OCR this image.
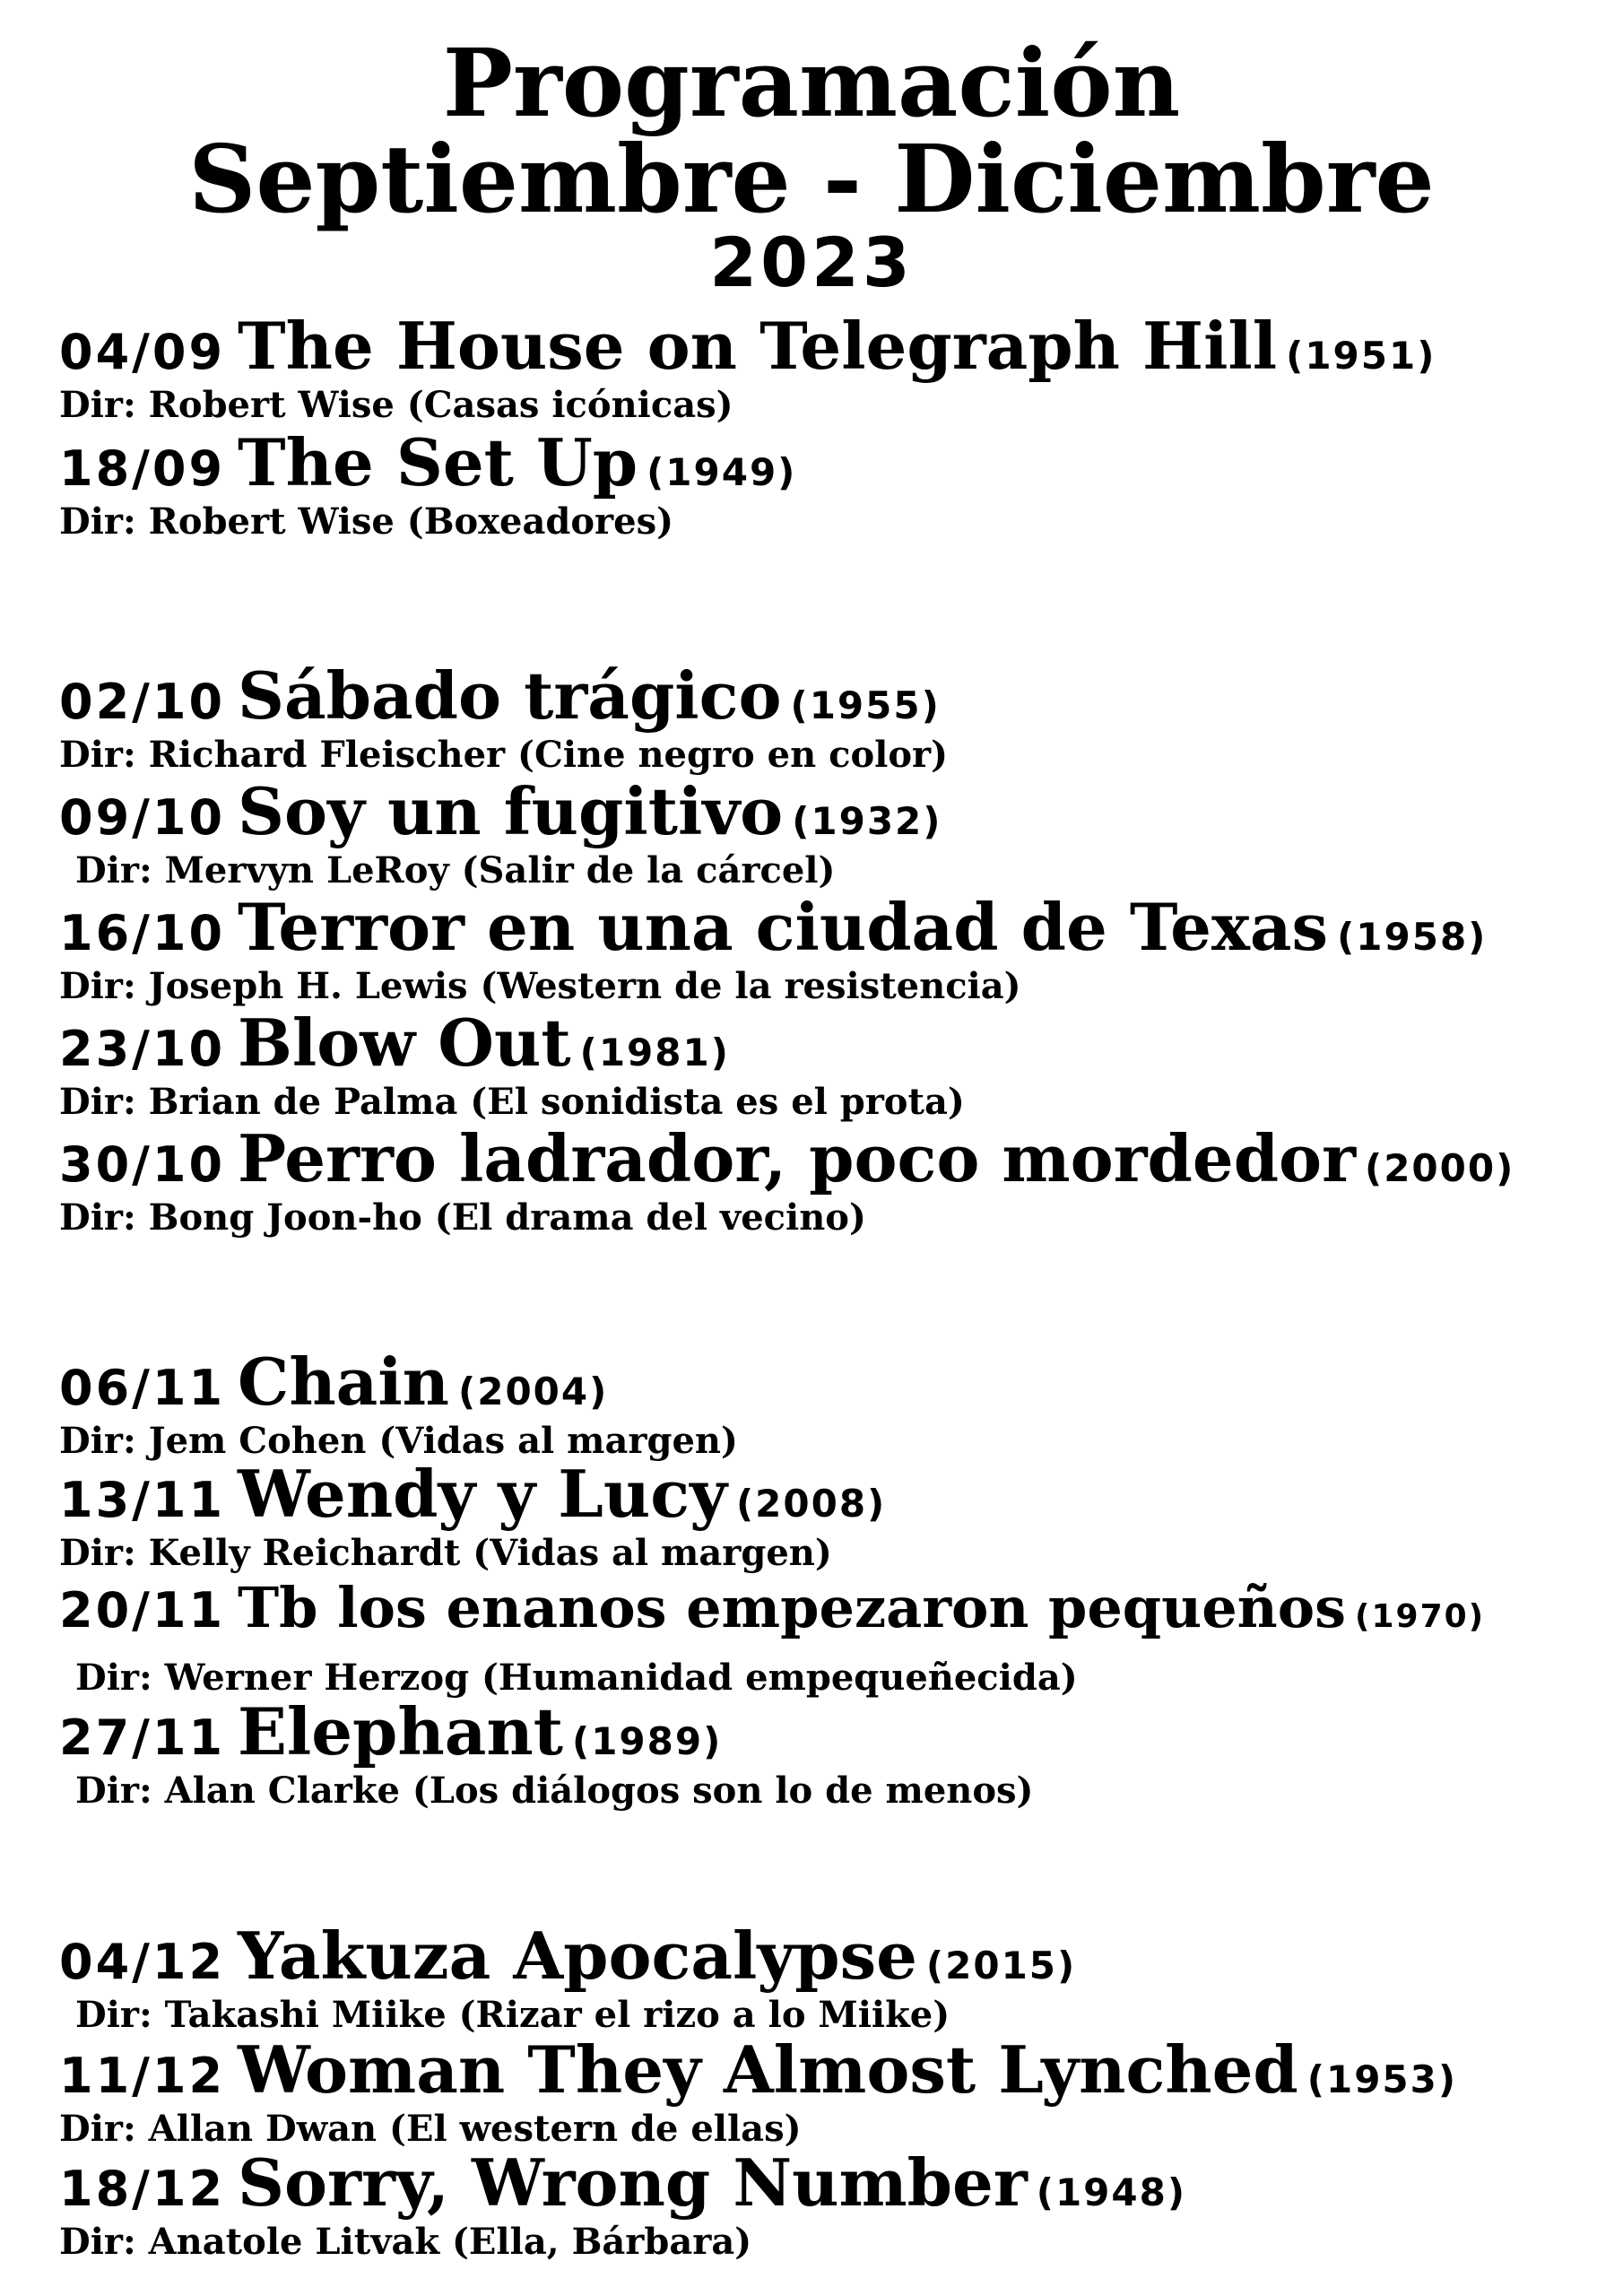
Programación
Septiembre - Diciembre
2023
04/09 The House on Telegraph Hill (1951)
Dir: Robert Wise (Casas icónicas)
18/09 The Set Up (1949)
Dir: Robert Wise (Boxeadores)
02/10 Sábado trágico (1955)
Dir: Richard Fleischer (Cine negro en color)
09/10 Soy un fugitivo (1932)
Dir: Mervyn LeRoy (Salir de la cárcel)
16/10 Terror en una ciudad de Texas (1958)
Dir: Joseph H. Lewis (Western de la resistencia)
23/10 Blow Out (1981)
Dir: Brian de Palma (El sonidista es el prota)
30/10 Perro ladrador, poco mordedor (2000)
Dir: Bong Joon-ho (El drama del vecino)
06/11 Chain (2004)
Dir: Jem Cohen (Vidas al margen)
13/11 Wendy y Lucy (2008)
Dir: Kelly Reichardt (Vidas al margen)
20/11 Tb los enanos empezaron pequeños (1970)
Dir: Werner Herzog (Humanidad empequeñecida)
27/11 Elephant (1989)
Dir: Alan Clarke (Los diálogos son lo de menos)
04/12 Yakuza Apocalypse (2015)
Dir: Takashi Miike (Rizar el rizo a lo Miike)
11/12 Woman They Almost Lynched (1953)
Dir: Allan Dwan (El western de ellas)
18/12 Sorry, Wrong Number (1948)
Dir: Anatole Litvak (Ella, Bárbara)
